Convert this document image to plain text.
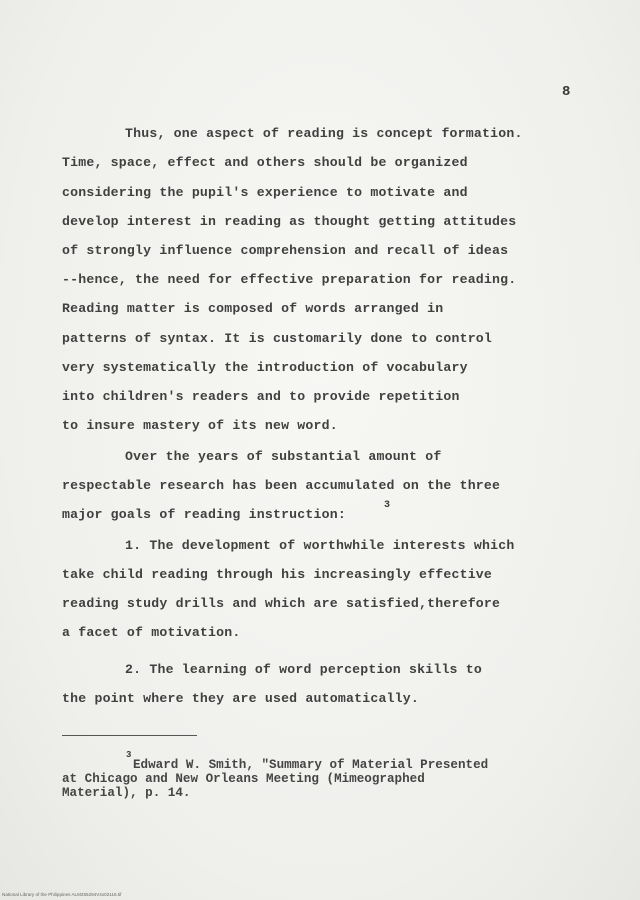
8
Thus, one aspect of reading is concept formation.
Time, space, effect and others should be organized
considering the pupil's experience to motivate and
develop interest in reading as thought getting attitudes
of strongly influence comprehension and recall of ideas
--hence, the need for effective preparation for reading.
Reading matter is composed of words arranged in
patterns of syntax. It is customarily done to control
very systematically the introduction of vocabulary
into children's readers and to provide repetition
to insure mastery of its new word.
Over the years of substantial amount of
respectable research has been accumulated on the three
major goals of reading instruction:
3
1. The development of worthwhile interests which
take child reading through his increasingly effective
reading study drills and which are satisfied,therefore
a facet of motivation.
2. The learning of word perception skills to
the point where they are used automatically.
3
Edward W. Smith, "Summary of Material Presented
at Chicago and New Orleans Meeting (Mimeographed
Material), p. 14.
National Library of the Philippines ALM255294V4x02116.tif
